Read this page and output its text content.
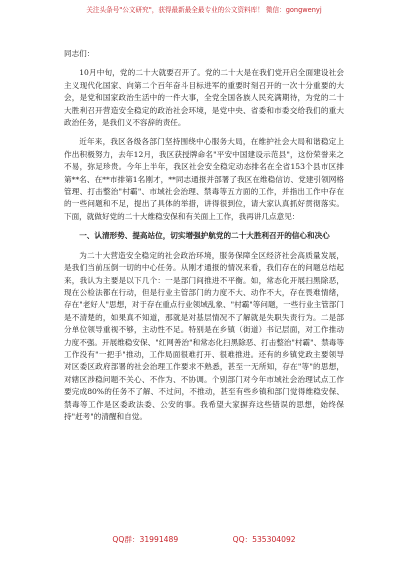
关注头条号"公文研究"，获得最新最全最专业的公文资料库！ 微信：gongwenyj

同志们：

10月中旬，党的二十大就要召开了。党的二十大是在我们党开启全面建设社会主义现代化国家、向第二个百年奋斗目标进军的重要时刻召开的一次十分重要的大会，是党和国家政治生活中的一件大事，全党全国各族人民充满期待，为党的二十大胜利召开营造安全稳定的政治社会环境，是党中央、省委和市委交给我们的重大政治任务，是我们义不容辞的责任。

近年来，我区各级各部门坚持围绕中心服务大局，在维护社会大局和谐稳定上作出积极努力，去年12月，我区获授牌命名"平安中国建设示范县"，这份荣誉来之不易，弥足珍贵。今年上半年，我区社会安全稳定动态排名在全省153个县市区排第**名、在**市排第1名刚才，**同志通报并部署了我区在维稳信访、党建引领网格管理、打击整治"村霸"、市域社会治理、禁毒等五方面的工作，并指出工作中存在的一些问题和不足，提出了具体的举措，讲得很到位，请大家认真抓好贯彻落实。下面，就做好党的二十大维稳安保和有关面上工作，我再讲几点意见：

一、认清形势、提高站位，切实增强护航党的二十大胜利召开的信心和决心

为二十大营造安全稳定的社会政治环境，服务保障全区经济社会高质量发展，是我们当前压倒一切的中心任务。从刚才通报的情况来看，我们存在的问题总结起来，我认为主要是以下几个：一是部门间推进不平衡。如，常态化开展扫黑除恶，现在公检法都在行动，但是行业主管部门的力度不大、动作不大，存在畏难情绪，存在"老好人"思想，对于存在重点行业领域乱象、"村霸"等问题，一些行业主管部门是不清楚的，如果真不知道，那就是对基层情况不了解就是失职失责行为。二是部分单位领导重视不够，主动性不足。特别是在乡镇（街道）书记层面，对工作推动力度不强。开展维稳安保、"红网善治"和常态化扫黑除恶、打击整治"村霸"、禁毒等工作没有"一把手"推动，工作局面很难打开、很难推进。还有的乡镇党政主要领导对区委区政府部署的社会治理工作要求不熟悉，甚至一无所知，存在"等"的思想，对辖区涉稳问题不关心、不作为、不协调。个别部门对今年市域社会治理试点工作要完成80%的任务不了解、不过问，不推动，甚至有些乡镇和部门觉得维稳安保、禁毒等工作是区委政法委、公安的事。我希望大家摒弃这些错误的思想，始终保持"赶考"的清醒和自觉。

QQ群：31991489	QQ：535304092
